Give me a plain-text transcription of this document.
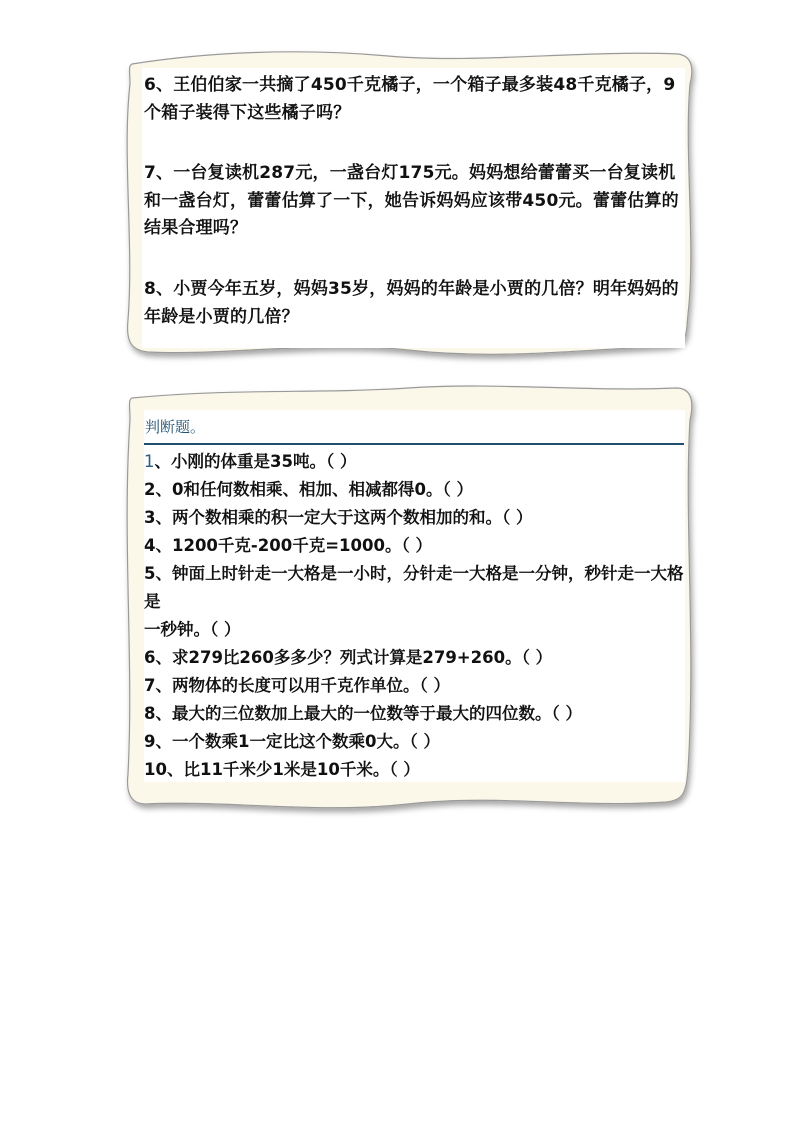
6、王伯伯家一共摘了450千克橘子，一个箱子最多装48千克橘子，9个箱子装得下这些橘子吗？

7、一台复读机287元，一盏台灯175元。妈妈想给蕾蕾买一台复读机和一盏台灯，蕾蕾估算了一下，她告诉妈妈应该带450元。蕾蕾估算的结果合理吗？

8、小贾今年五岁，妈妈35岁，妈妈的年龄是小贾的几倍？明年妈妈的年龄是小贾的几倍？

判断题。
1、小刚的体重是35吨。（ ）
2、0和任何数相乘、相加、相减都得0。（ ）
3、两个数相乘的积一定大于这两个数相加的和。（ ）
4、1200千克-200千克=1000。（ ）
5、钟面上时针走一大格是一小时，分针走一大格是一分钟，秒针走一大格是
一秒钟。（ ）
6、求279比260多多少？列式计算是279+260。（ ）
7、两物体的长度可以用千克作单位。（ ）
8、最大的三位数加上最大的一位数等于最大的四位数。（ ）
9、一个数乘1一定比这个数乘0大。（ ）
10、比11千米少1米是10千米。（ ）
